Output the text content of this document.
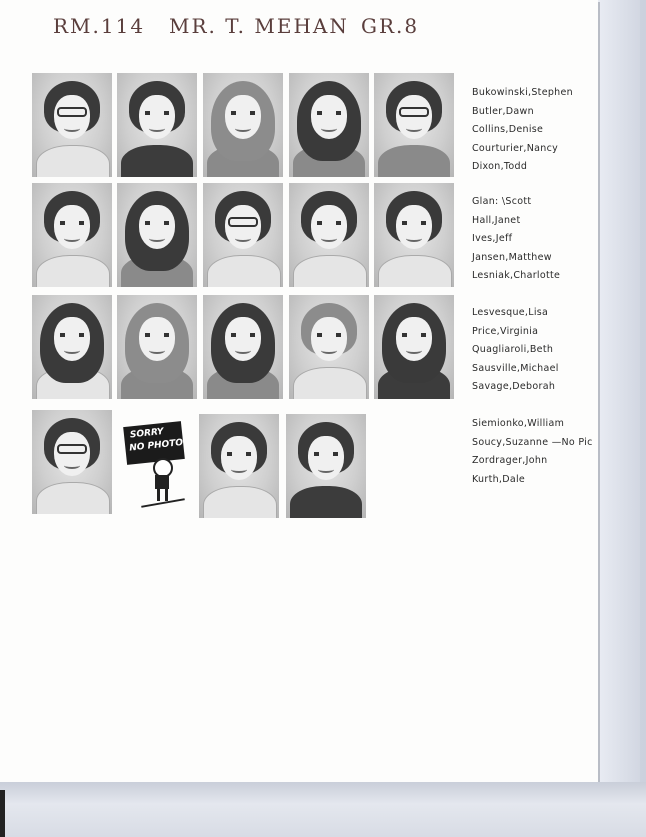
RM.114 MR. T. MEHAN GR.8
SORRY
NO PHOTO
Bukowinski,Stephen
Butler,Dawn
Collins,Denise
Courturier,Nancy
Dixon,Todd
Glan: \Scott
Hall,Janet
Ives,Jeff
Jansen,Matthew
Lesniak,Charlotte
Lesvesque,Lisa
Price,Virginia
Quagliaroli,Beth
Sausville,Michael
Savage,Deborah
Siemionko,William
Soucy,Suzanne —No Pic
Zordrager,John
Kurth,Dale
